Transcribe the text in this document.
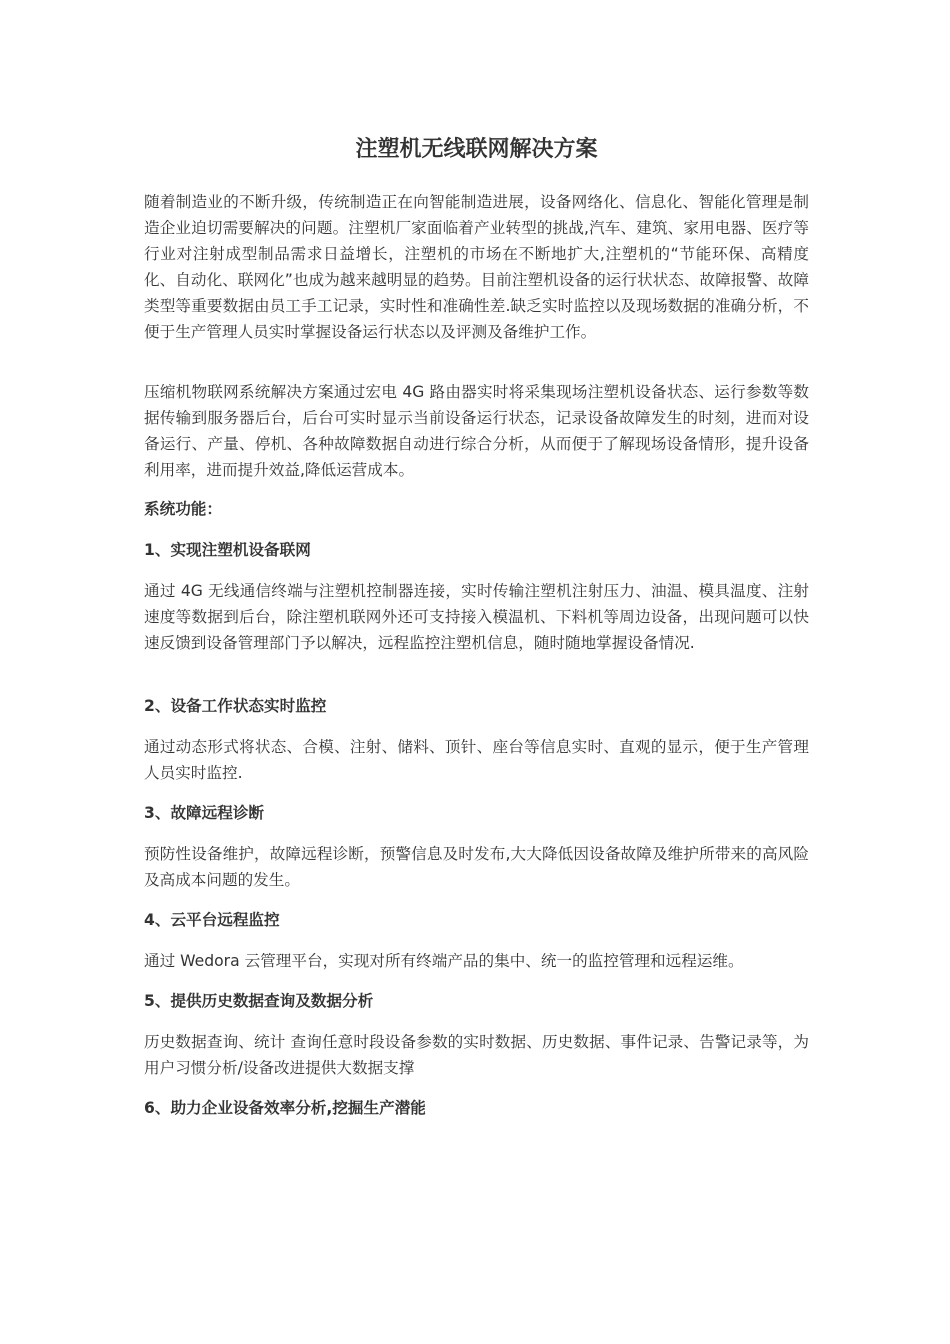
注塑机无线联网解决方案

随着制造业的不断升级，传统制造正在向智能制造进展，设备网络化、信息化、智能化管理是制造企业迫切需要解决的问题。注塑机厂家面临着产业转型的挑战,汽车、建筑、家用电器、医疗等行业对注射成型制品需求日益增长，注塑机的市场在不断地扩大,注塑机的“节能环保、高精度化、自动化、联网化”也成为越来越明显的趋势。目前注塑机设备的运行状状态、故障报警、故障类型等重要数据由员工手工记录，实时性和准确性差.缺乏实时监控以及现场数据的准确分析，不便于生产管理人员实时掌握设备运行状态以及评测及备维护工作。

压缩机物联网系统解决方案通过宏电 4G 路由器实时将采集现场注塑机设备状态、运行参数等数据传输到服务器后台，后台可实时显示当前设备运行状态，记录设备故障发生的时刻，进而对设备运行、产量、停机、各种故障数据自动进行综合分析，从而便于了解现场设备情形，提升设备利用率，进而提升效益,降低运营成本。

系统功能：

1、实现注塑机设备联网

通过 4G 无线通信终端与注塑机控制器连接，实时传输注塑机注射压力、油温、模具温度、注射速度等数据到后台，除注塑机联网外还可支持接入模温机、下料机等周边设备，出现问题可以快速反馈到设备管理部门予以解决，远程监控注塑机信息，随时随地掌握设备情况.

2、设备工作状态实时监控

通过动态形式将状态、合模、注射、储料、顶针、座台等信息实时、直观的显示，便于生产管理人员实时监控.

3、故障远程诊断

预防性设备维护，故障远程诊断，预警信息及时发布,大大降低因设备故障及维护所带来的高风险及高成本问题的发生。

4、云平台远程监控

通过 Wedora 云管理平台，实现对所有终端产品的集中、统一的监控管理和远程运维。

5、提供历史数据查询及数据分析

历史数据查询、统计 查询任意时段设备参数的实时数据、历史数据、事件记录、告警记录等，为用户习惯分析/设备改进提供大数据支撑

6、助力企业设备效率分析,挖掘生产潜能
